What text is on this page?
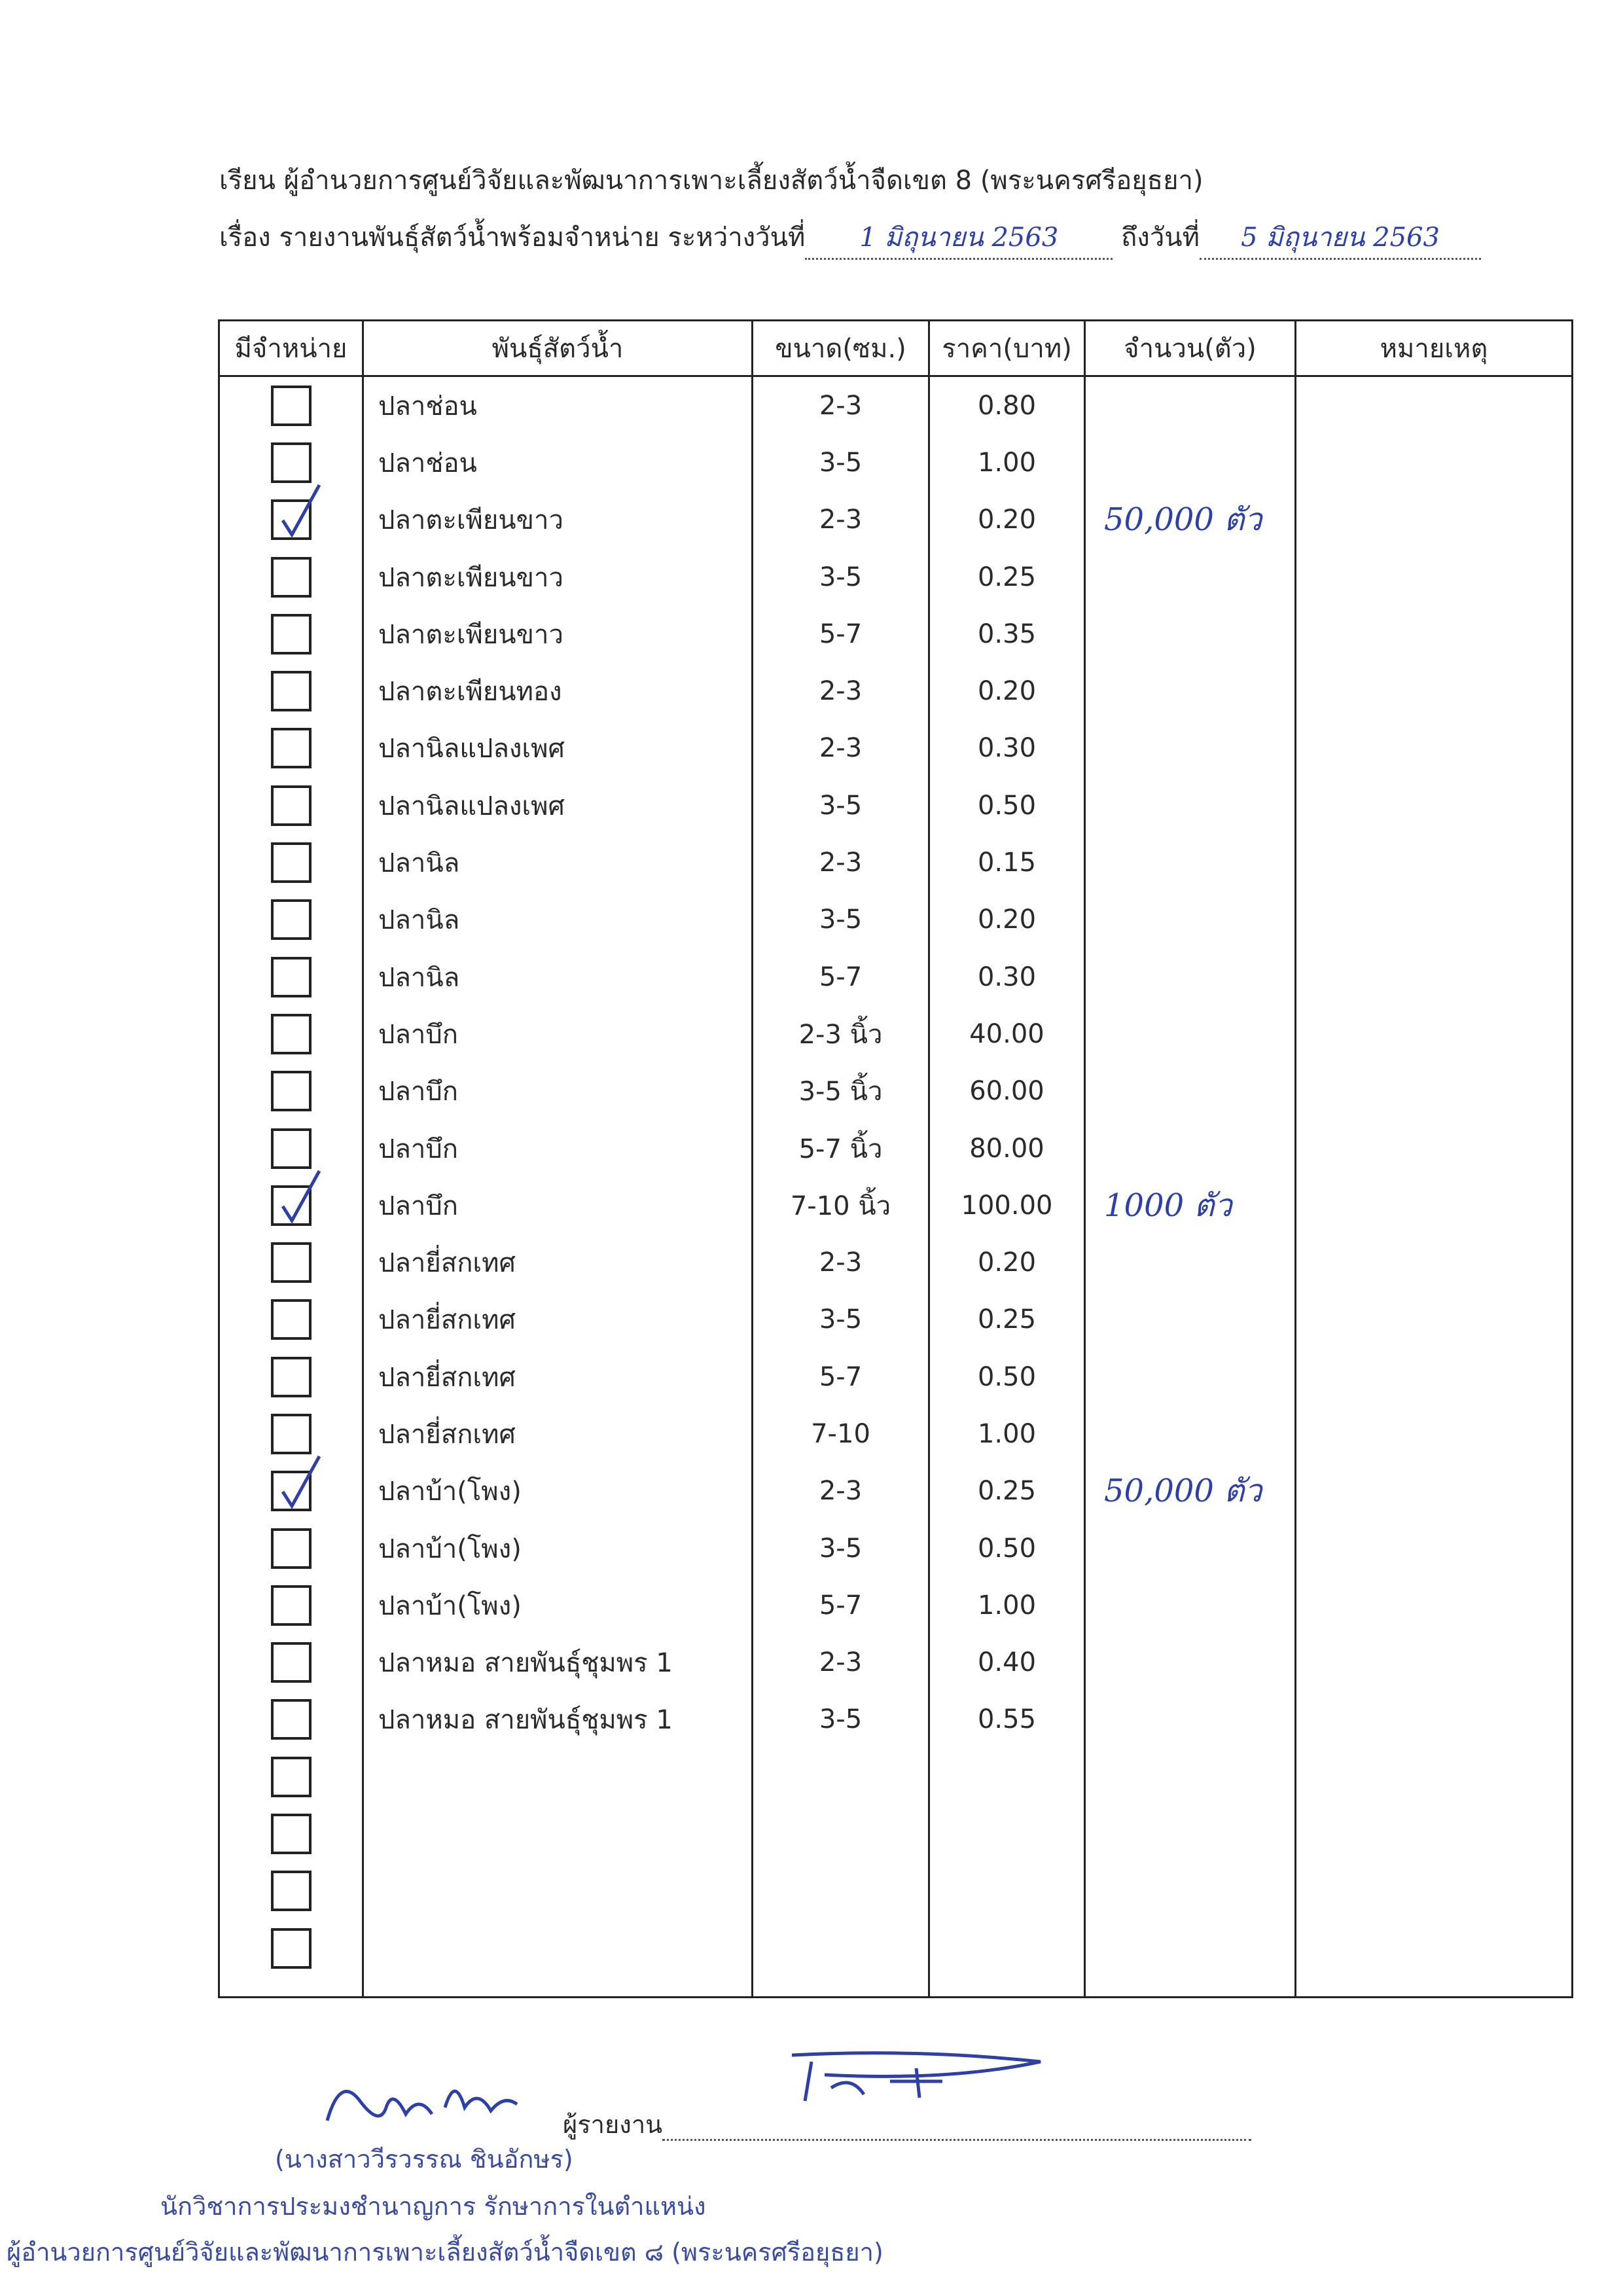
เรียน ผู้อำนวยการศูนย์วิจัยและพัฒนาการเพาะเลี้ยงสัตว์น้ำจืดเขต 8 (พระนครศรีอยุธยา)
เรื่อง รายงานพันธุ์สัตว์น้ำพร้อมจำหน่าย ระหว่างวันที่ 1 มิถุนายน 2563 ถึงวันที่ 5 มิถุนายน 2563
มีจำหน่าย	พันธุ์สัตว์น้ำ	ขนาด(ซม.)	ราคา(บาท)	จำนวน(ตัว)	หมายเหตุ
	ปลาช่อน	2-3	0.80		
	ปลาช่อน	3-5	1.00		

	ปลาตะเพียนขาว	2-3	0.20	50,000 ตัว	
	ปลาตะเพียนขาว	3-5	0.25		
	ปลาตะเพียนขาว	5-7	0.35		
	ปลาตะเพียนทอง	2-3	0.20		
	ปลานิลแปลงเพศ	2-3	0.30		
	ปลานิลแปลงเพศ	3-5	0.50		
	ปลานิล	2-3	0.15		
	ปลานิล	3-5	0.20		
	ปลานิล	5-7	0.30		
	ปลาบึก	2-3 นิ้ว	40.00		
	ปลาบึก	3-5 นิ้ว	60.00		
	ปลาบึก	5-7 นิ้ว	80.00		

	ปลาบึก	7-10 นิ้ว	100.00	1000 ตัว	
	ปลายี่สกเทศ	2-3	0.20		
	ปลายี่สกเทศ	3-5	0.25		
	ปลายี่สกเทศ	5-7	0.50		
	ปลายี่สกเทศ	7-10	1.00		

	ปลาบ้า(โพง)	2-3	0.25	50,000 ตัว	
	ปลาบ้า(โพง)	3-5	0.50		
	ปลาบ้า(โพง)	5-7	1.00		
	ปลาหมอ สายพันธุ์ชุมพร 1	2-3	0.40		
	ปลาหมอ สายพันธุ์ชุมพร 1	3-5	0.55		

ผู้รายงาน
(นางสาววีรวรรณ ชินอักษร)
นักวิชาการประมงชำนาญการ รักษาการในตำแหน่ง
ผู้อำนวยการศูนย์วิจัยและพัฒนาการเพาะเลี้ยงสัตว์น้ำจืดเขต ๘ (พระนครศรีอยุธยา)
